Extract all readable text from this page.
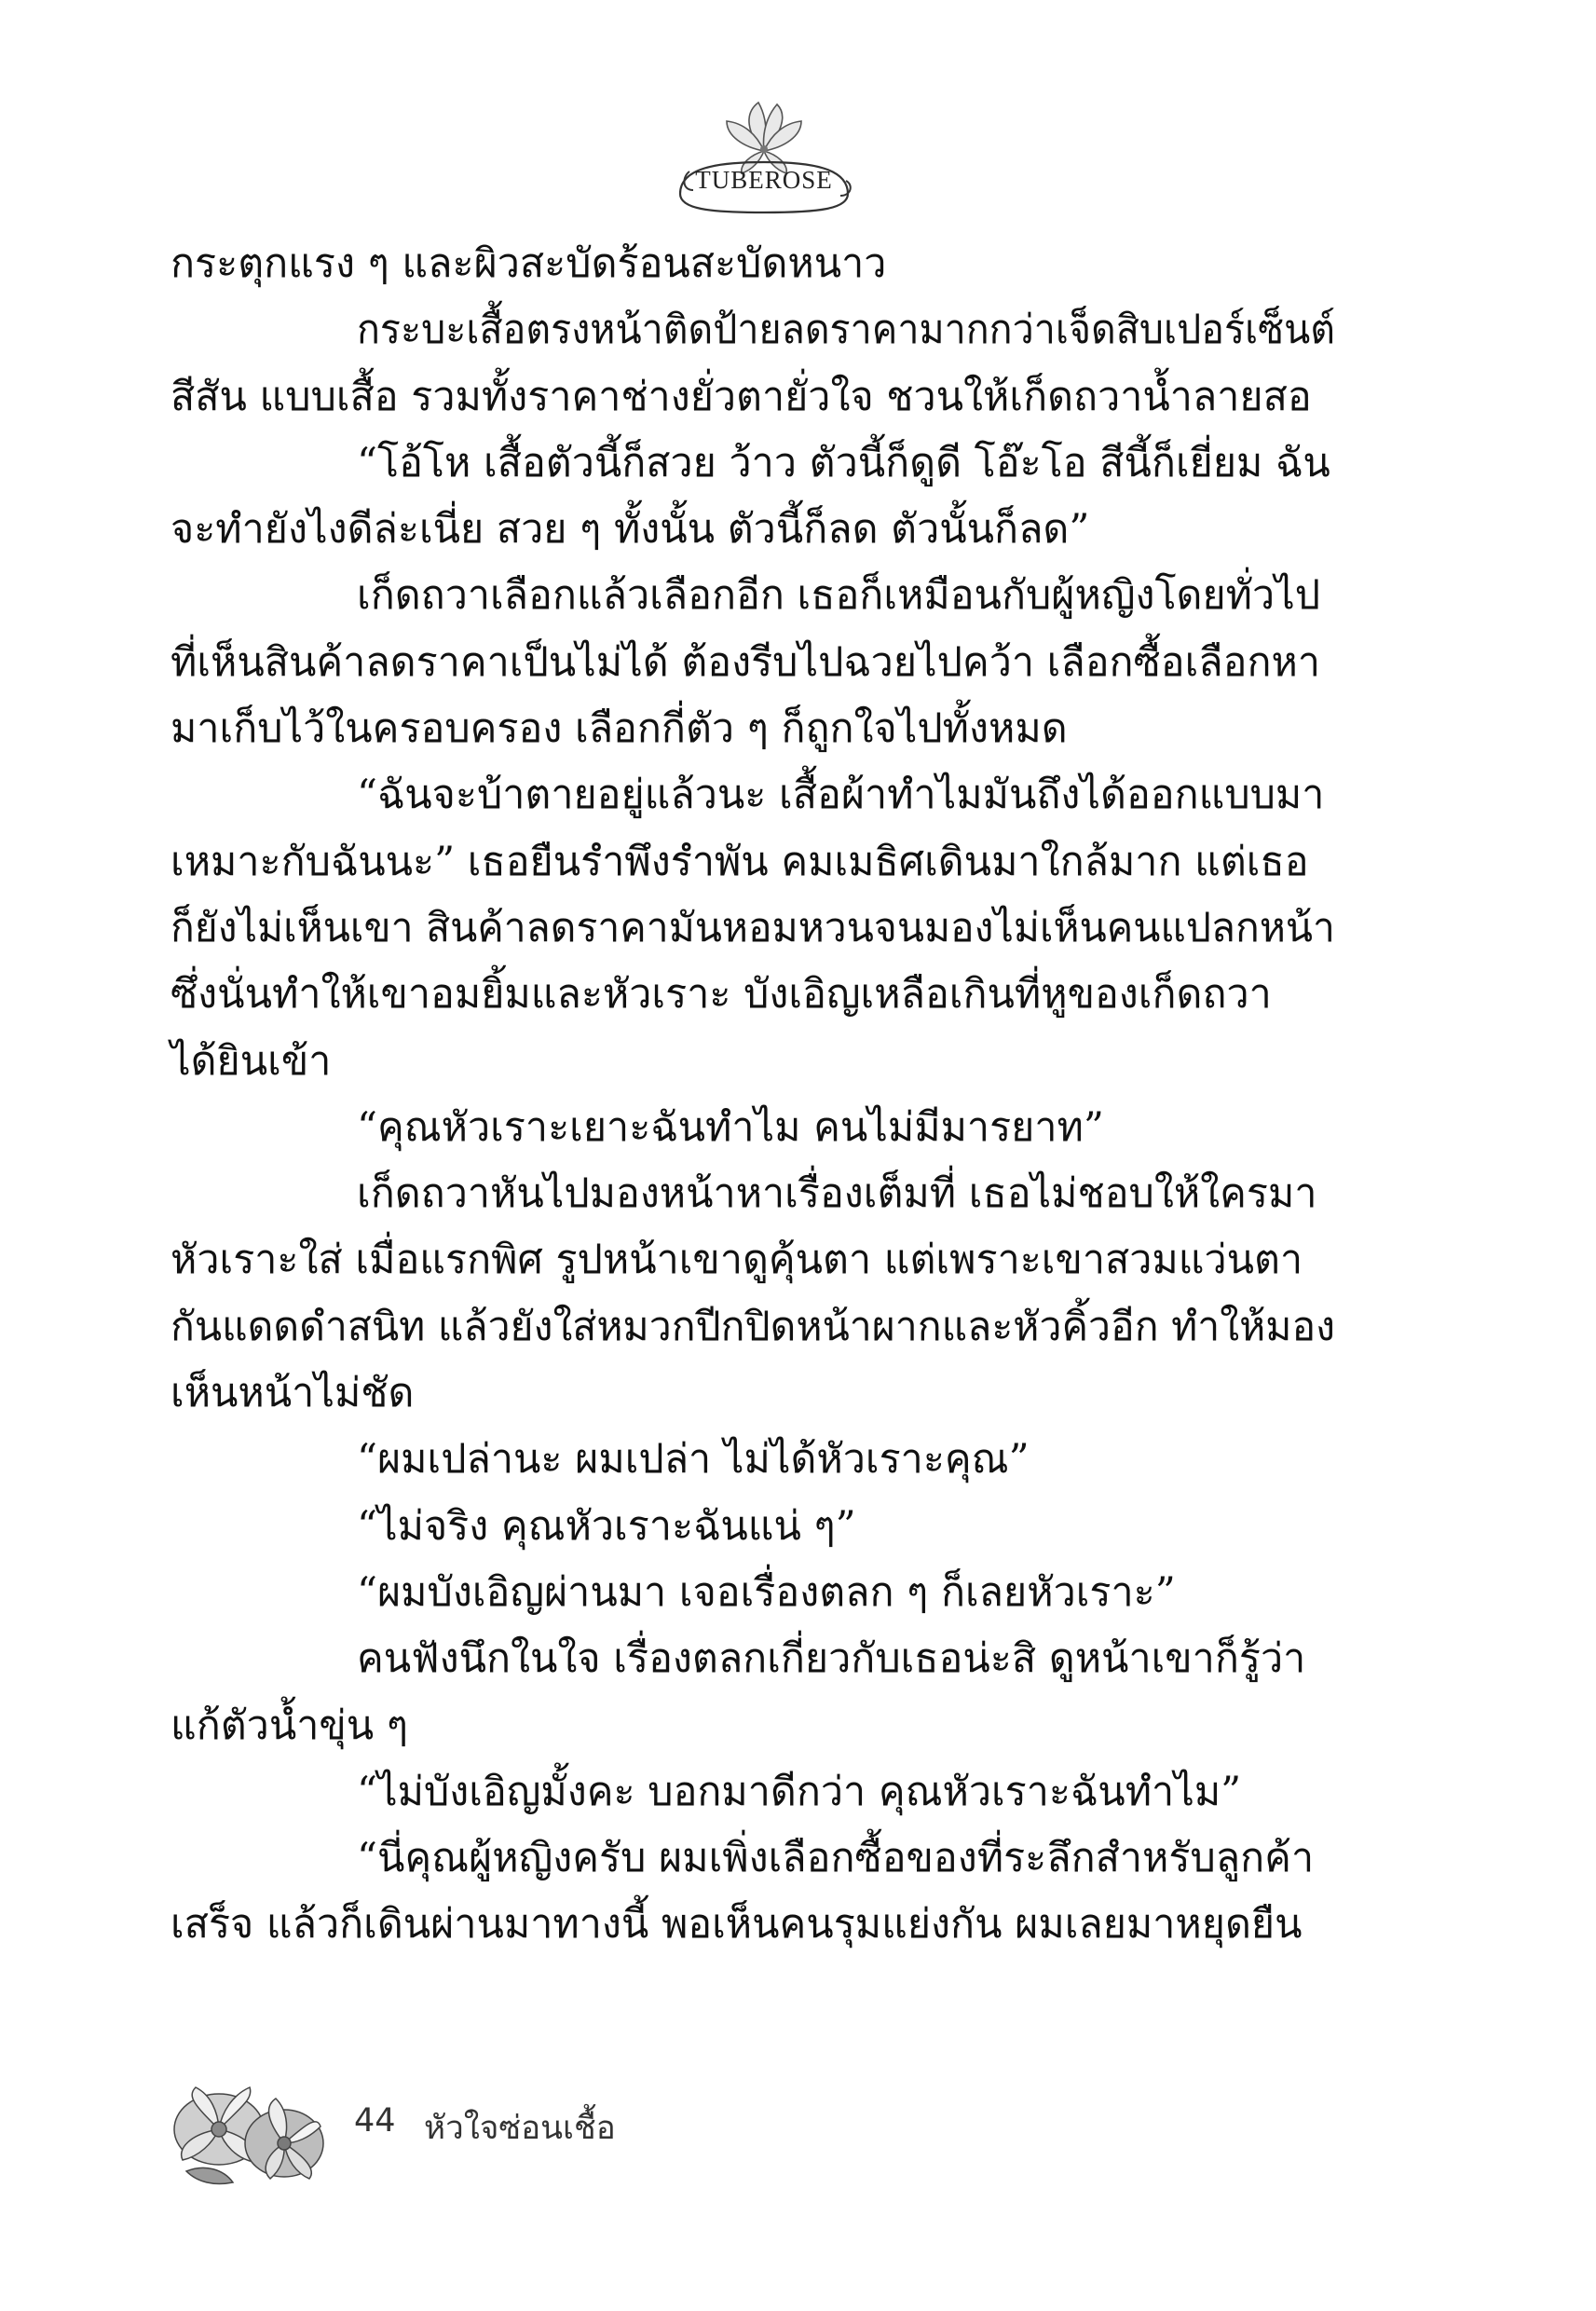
TUBEROSE
กระตุกแรง ๆ และผิวสะบัดร้อนสะบัดหนาว
กระบะเสื้อตรงหน้าติดป้ายลดราคามากกว่าเจ็ดสิบเปอร์เซ็นต์
สีสัน แบบเสื้อ รวมทั้งราคาช่างยั่วตายั่วใจ ชวนให้เก็ดถวาน้ำลายสอ
“โอ้โห เสื้อตัวนี้ก็สวย ว้าว ตัวนี้ก็ดูดี โอ๊ะโอ สีนี้ก็เยี่ยม ฉัน
จะทำยังไงดีล่ะเนี่ย สวย ๆ ทั้งนั้น ตัวนี้ก็ลด ตัวนั้นก็ลด”
เก็ดถวาเลือกแล้วเลือกอีก เธอก็เหมือนกับผู้หญิงโดยทั่วไป
ที่เห็นสินค้าลดราคาเป็นไม่ได้ ต้องรีบไปฉวยไปคว้า เลือกซื้อเลือกหา
มาเก็บไว้ในครอบครอง เลือกกี่ตัว ๆ ก็ถูกใจไปทั้งหมด
“ฉันจะบ้าตายอยู่แล้วนะ เสื้อผ้าทำไมมันถึงได้ออกแบบมา
เหมาะกับฉันนะ” เธอยืนรำพึงรำพัน คมเมธิศเดินมาใกล้มาก แต่เธอ
ก็ยังไม่เห็นเขา สินค้าลดราคามันหอมหวนจนมองไม่เห็นคนแปลกหน้า
ซึ่งนั่นทำให้เขาอมยิ้มและหัวเราะ บังเอิญเหลือเกินที่หูของเก็ดถวา
ได้ยินเข้า
“คุณหัวเราะเยาะฉันทำไม คนไม่มีมารยาท”
เก็ดถวาหันไปมองหน้าหาเรื่องเต็มที่ เธอไม่ชอบให้ใครมา
หัวเราะใส่ เมื่อแรกพิศ รูปหน้าเขาดูคุ้นตา แต่เพราะเขาสวมแว่นตา
กันแดดดำสนิท แล้วยังใส่หมวกปีกปิดหน้าผากและหัวคิ้วอีก ทำให้มอง
เห็นหน้าไม่ชัด
“ผมเปล่านะ ผมเปล่า ไม่ได้หัวเราะคุณ”
“ไม่จริง คุณหัวเราะฉันแน่ ๆ”
“ผมบังเอิญผ่านมา เจอเรื่องตลก ๆ ก็เลยหัวเราะ”
คนฟังนึกในใจ เรื่องตลกเกี่ยวกับเธอน่ะสิ ดูหน้าเขาก็รู้ว่า
แก้ตัวน้ำขุ่น ๆ
“ไม่บังเอิญมั้งคะ บอกมาดีกว่า คุณหัวเราะฉันทำไม”
“นี่คุณผู้หญิงครับ ผมเพิ่งเลือกซื้อของที่ระลึกสำหรับลูกค้า
เสร็จ แล้วก็เดินผ่านมาทางนี้ พอเห็นคนรุมแย่งกัน ผมเลยมาหยุดยืน
44 หัวใจซ่อนเชื้อ
